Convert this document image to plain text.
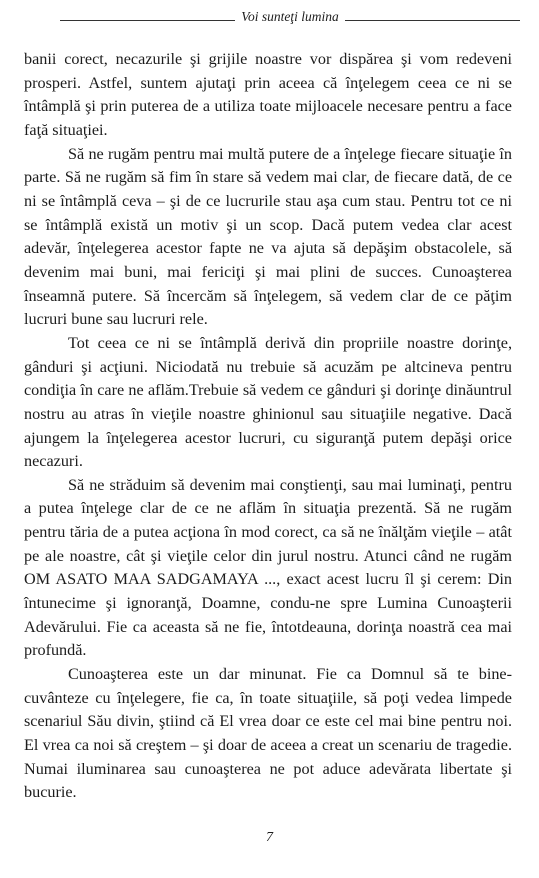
Voi sunteţi lumina

banii corect, necazurile şi grijile noastre vor dispărea şi vom redeveni prosperi. Astfel, suntem ajutaţi prin aceea că înţelegem ceea ce ni se întâmplă şi prin puterea de a utiliza toate mijloacele necesare pentru a face faţă situaţiei.

Să ne rugăm pentru mai multă putere de a înţelege fiecare situaţie în parte. Să ne rugăm să fim în stare să vedem mai clar, de fiecare dată, de ce ni se întâmplă ceva – şi de ce lucrurile stau aşa cum stau. Pentru tot ce ni se întâmplă există un motiv şi un scop. Dacă putem vedea clar acest adevăr, înţelegerea acestor fapte ne va ajuta să depăşim obstacolele, să devenim mai buni, mai fericiţi şi mai plini de succes. Cunoaşterea înseamnă putere. Să încercăm să înţelegem, să vedem clar de ce păţim lucruri bune sau lucruri rele.

Tot ceea ce ni se întâmplă derivă din propriile noastre dorinţe, gânduri şi acţiuni. Niciodată nu trebuie să acuzăm pe altcineva pentru condiţia în care ne aflăm.Trebuie să vedem ce gânduri şi dorinţe dinăuntrul nostru au atras în vieţile noastre ghinionul sau situaţiile negative. Dacă ajungem la înţelegerea acestor lucruri, cu siguranţă putem depăşi orice necazuri.

Să ne străduim să devenim mai conştienţi, sau mai luminaţi, pentru a putea înţelege clar de ce ne aflăm în situaţia prezentă. Să ne rugăm pentru tăria de a putea acţiona în mod corect, ca să ne înălţăm vieţile – atât pe ale noastre, cât şi vieţile celor din jurul nostru. Atunci când ne rugăm OM ASATO MAA SADGAMAYA ..., exact acest lucru îl şi cerem: Din întunecime şi ignoranţă, Doamne, condu-ne spre Lumina Cunoaşterii Adevărului. Fie ca aceasta să ne fie, întotdeauna, dorinţa noastră cea mai profundă.

Cunoaşterea este un dar minunat. Fie ca Domnul să te binecuvânteze cu înţelegere, fie ca, în toate situaţiile, să poţi vedea limpede scenariul Său divin, ştiind că El vrea doar ce este cel mai bine pentru noi. El vrea ca noi să creştem – şi doar de aceea a creat un scenariu de tragedie. Numai iluminarea sau cunoaşterea ne pot aduce adevărata libertate şi bucurie.

7
